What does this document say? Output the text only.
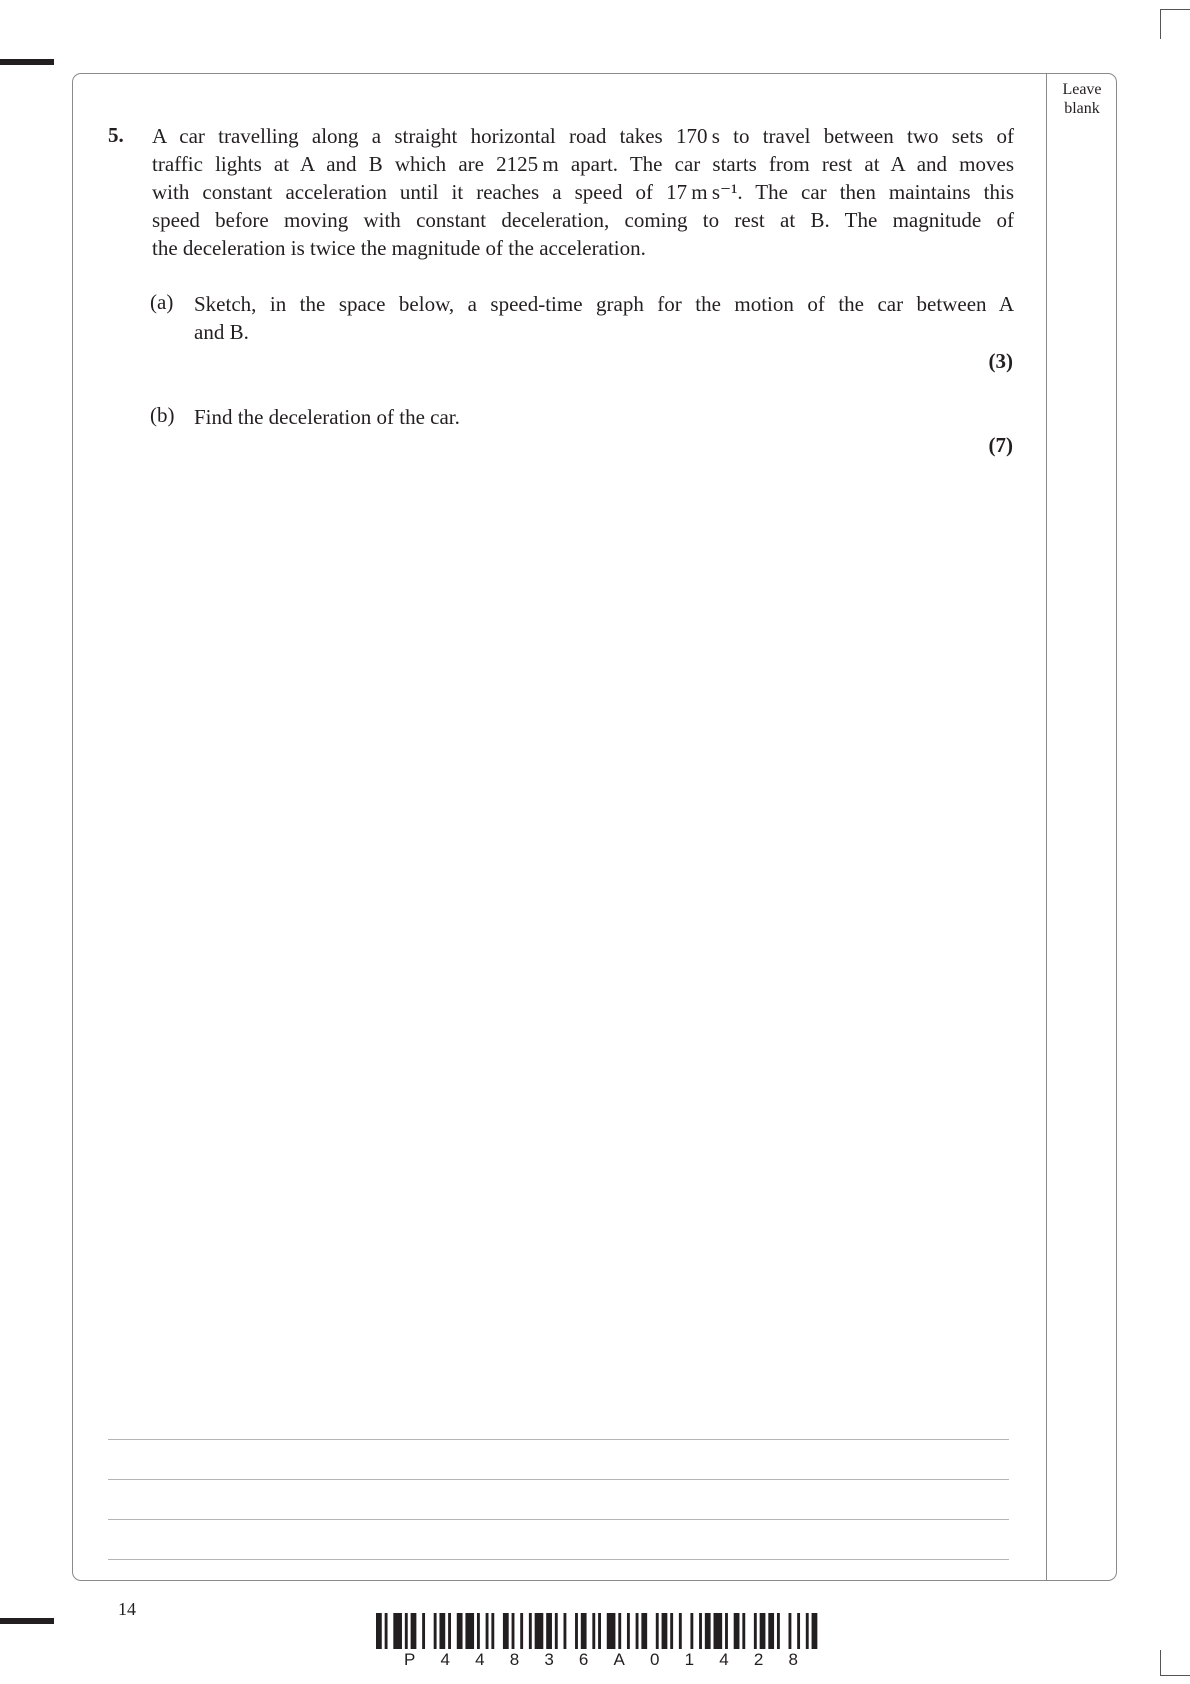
Leave
blank
5. A car travelling along a straight horizontal road takes 170 s to travel between two sets of
traffic lights at A and B which are 2125 m apart. The car starts from rest at A and moves
with constant acceleration until it reaches a speed of 17 m s⁻¹. The car then maintains this
speed before moving with constant deceleration, coming to rest at B. The magnitude of
the deceleration is twice the magnitude of the acceleration.
(a) Sketch, in the space below, a speed-time graph for the motion of the car between A
and B.
(3)
(b) Find the deceleration of the car.
(7)
14
P 4 4 8 3 6 A 0 1 4 2 8
